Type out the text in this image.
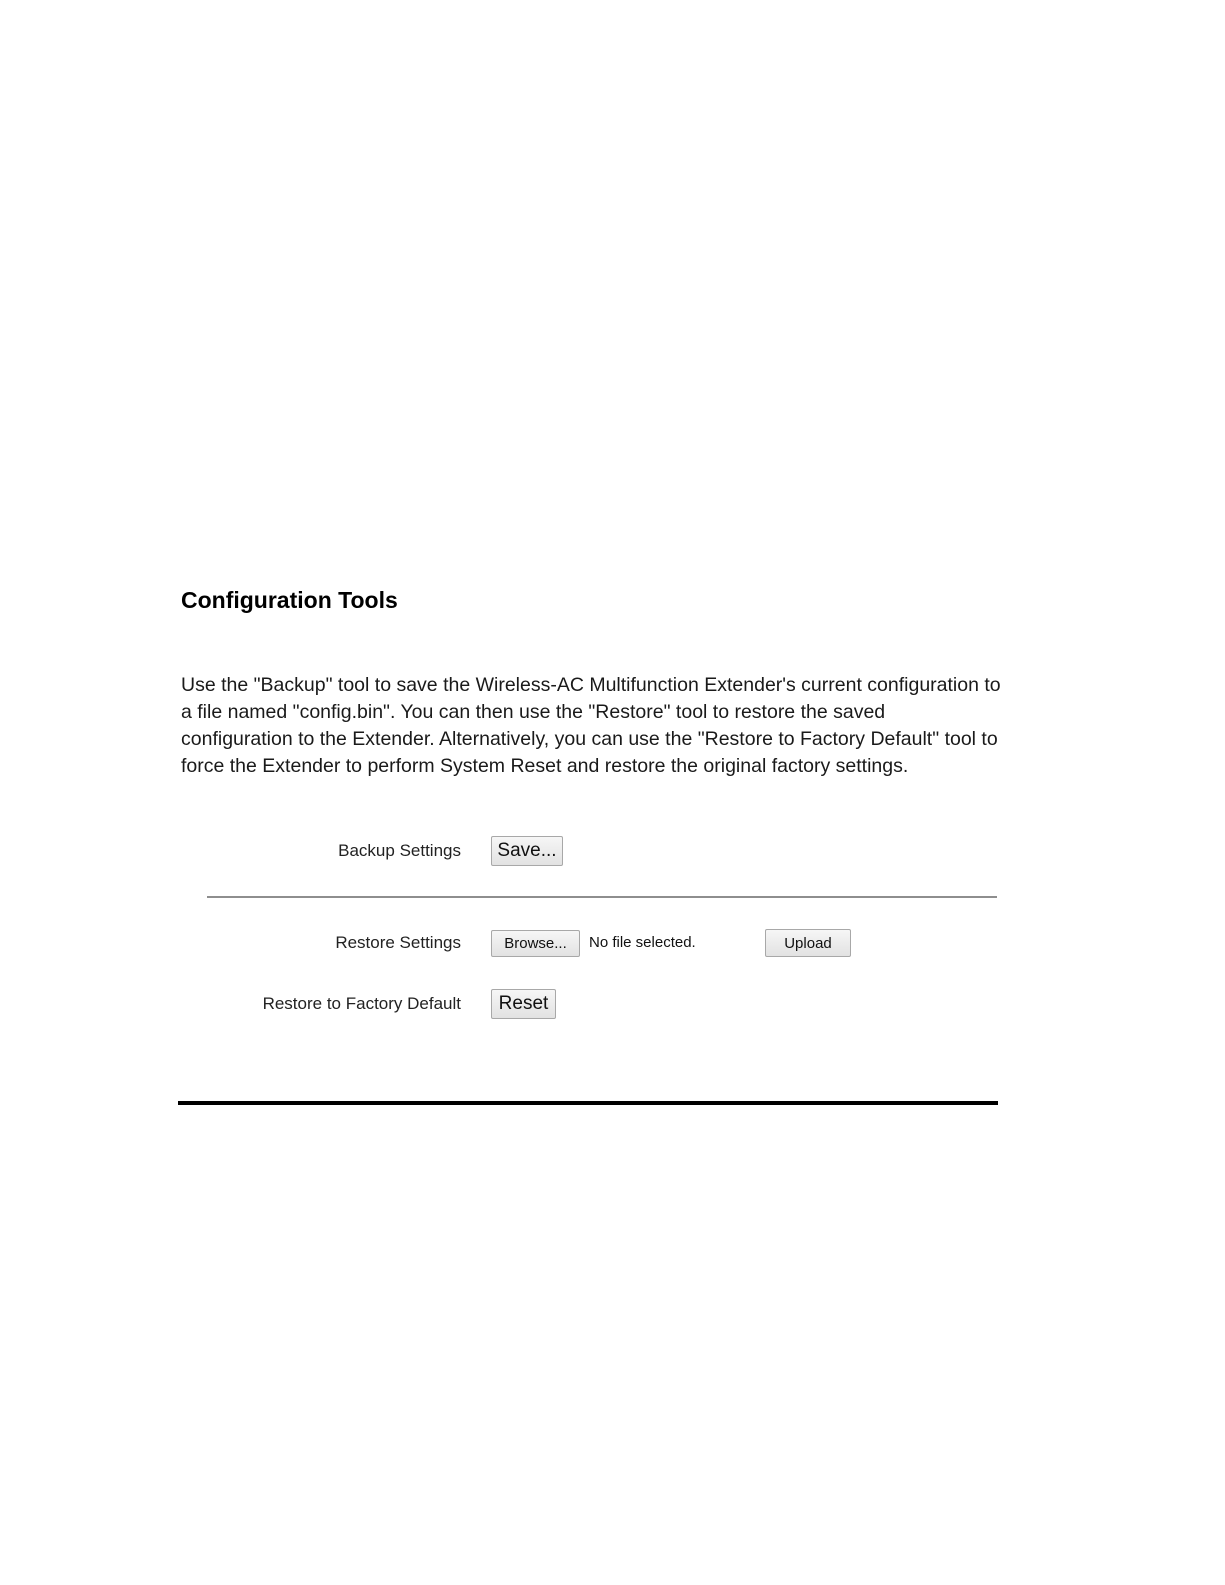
Configuration Tools

Use the "Backup" tool to save the Wireless-AC Multifunction Extender's current configuration to
a file named "config.bin". You can then use the "Restore" tool to restore the saved
configuration to the Extender. Alternatively, you can use the "Restore to Factory Default" tool to
force the Extender to perform System Reset and restore the original factory settings.

Backup Settings	Save...
Restore Settings	Browse...	No file selected.	Upload
Restore to Factory Default	Reset
